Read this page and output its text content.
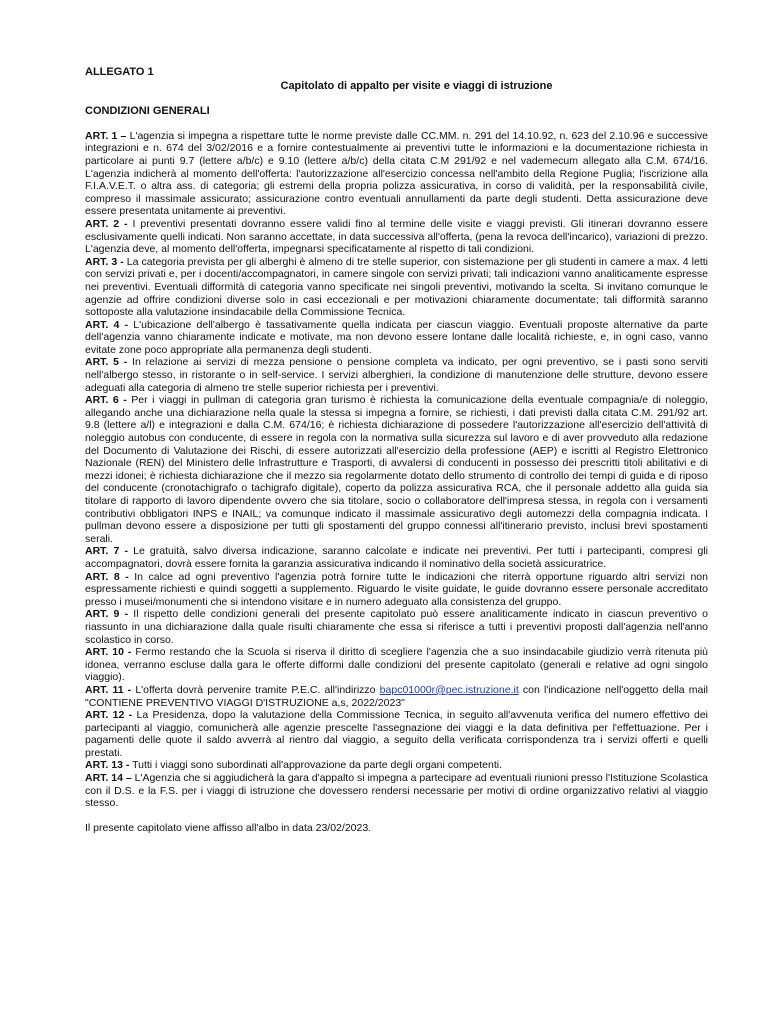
ALLEGATO 1

Capitolato di appalto per visite e viaggi di istruzione

CONDIZIONI GENERALI

ART. 1 – L'agenzia si impegna a rispettare tutte le norme previste dalle CC.MM. n. 291 del 14.10.92, n. 623 del 2.10.96 e successive integrazioni e n. 674 del 3/02/2016 e a fornire contestualmente ai preventivi tutte le informazioni e la documentazione richiesta in particolare ai punti 9.7 (lettere a/b/c) e 9.10 (lettere a/b/c) della citata C.M 291/92 e nel vademecum allegato alla C.M. 674/16. L'agenzia indicherà al momento dell'offerta: l'autorizzazione all'esercizio concessa nell'ambito della Regione Puglia; l'iscrizione alla F.I.A.V.E.T. o altra ass. di categoria; gli estremi della propria polizza assicurativa, in corso di validità, per la responsabilità civile, compreso il massimale assicurato; assicurazione contro eventuali annullamenti da parte degli studenti. Detta assicurazione deve essere presentata unitamente ai preventivi.

ART. 2 - I preventivi presentati dovranno essere validi fino al termine delle visite e viaggi previsti. Gli itinerari dovranno essere esclusivamente quelli indicati. Non saranno accettate, in data successiva all'offerta, (pena la revoca dell'incarico), variazioni di prezzo. L'agenzia deve, al momento dell'offerta, impegnarsi specificatamente al rispetto di tali condizioni.

ART. 3 - La categoria prevista per gli alberghi è almeno di tre stelle superior, con sistemazione per gli studenti in camere a max. 4 letti con servizi privati e, per i docenti/accompagnatori, in camere singole con servizi privati; tali indicazioni vanno analiticamente espresse nei preventivi. Eventuali difformità di categoria vanno specificate nei singoli preventivi, motivando la scelta. Si invitano comunque le agenzie ad offrire condizioni diverse solo in casi eccezionali e per motivazioni chiaramente documentate; tali difformità saranno sottoposte alla valutazione insindacabile della Commissione Tecnica.

ART. 4 - L'ubicazione dell'albergo è tassativamente quella indicata per ciascun viaggio. Eventuali proposte alternative da parte dell'agenzia vanno chiaramente indicate e motivate, ma non devono essere lontane dalle località richieste, e, in ogni caso, vanno evitate zone poco appropriate alla permanenza degli studenti.

ART. 5 - In relazione ai servizi di mezza pensione o pensione completa va indicato, per ogni preventivo, se i pasti sono serviti nell'albergo stesso, in ristorante o in self-service. I servizi alberghieri, la condizione di manutenzione delle strutture, devono essere adeguati alla categoria di almeno tre stelle superior richiesta per i preventivi.

ART. 6 - Per i viaggi in pullman di categoria gran turismo è richiesta la comunicazione della eventuale compagnia/e di noleggio, allegando anche una dichiarazione nella quale la stessa si impegna a fornire, se richiesti, i dati previsti dalla citata C.M. 291/92 art. 9.8 (lettere a/l) e integrazioni e dalla C.M. 674/16; è richiesta dichiarazione di possedere l'autorizzazione all'esercizio dell'attività di noleggio autobus con conducente, di essere in regola con la normativa sulla sicurezza sul lavoro e di aver provveduto alla redazione del Documento di Valutazione dei Rischi, di essere autorizzati all'esercizio della professione (AEP) e iscritti al Registro Elettronico Nazionale (REN) del Ministero delle Infrastrutture e Trasporti, di avvalersi di conducenti in possesso dei prescritti titoli abilitativi e di mezzi idonei; è richiesta dichiarazione che il mezzo sia regolarmente dotato dello strumento di controllo dei tempi di guida e di riposo del conducente (cronotachigrafo o tachigrafo digitale), coperto da polizza assicurativa RCA, che il personale addetto alla guida sia titolare di rapporto di lavoro dipendente ovvero che sia titolare, socio o collaboratore dell'impresa stessa, in regola con i versamenti contributivi obbligatori INPS e INAIL; va comunque indicato il massimale assicurativo degli automezzi della compagnia indicata. I pullman devono essere a disposizione per tutti gli spostamenti del gruppo connessi all'itinerario previsto, inclusi brevi spostamenti serali.

ART. 7 - Le gratuità, salvo diversa indicazione, saranno calcolate e indicate nei preventivi. Per tutti i partecipanti, compresi gli accompagnatori, dovrà essere fornita la garanzia assicurativa indicando il nominativo della società assicuratrice.

ART. 8 - In calce ad ogni preventivo l'agenzia potrà fornire tutte le indicazioni che riterrà opportune riguardo altri servizi non espressamente richiesti e quindi soggetti a supplemento. Riguardo le visite guidate, le guide dovranno essere personale accreditato presso i musei/monumenti che si intendono visitare e in numero adeguato alla consistenza del gruppo.

ART. 9 - Il rispetto delle condizioni generali del presente capitolato può essere analiticamente indicato in ciascun preventivo o riassunto in una dichiarazione dalla quale risulti chiaramente che essa si riferisce a tutti i preventivi proposti dall'agenzia nell'anno scolastico in corso.

ART. 10 - Fermo restando che la Scuola si riserva il diritto di scegliere l'agenzia che a suo insindacabile giudizio verrà ritenuta più idonea, verranno escluse dalla gara le offerte difformi dalle condizioni del presente capitolato (generali e relative ad ogni singolo viaggio).

ART. 11 - L'offerta dovrà pervenire tramite P.E.C. all'indirizzo bapc01000r@pec.istruzione.it con l'indicazione nell'oggetto della mail "CONTIENE PREVENTIVO VIAGGI D'ISTRUZIONE a,s, 2022/2023"

ART. 12 - La Presidenza, dopo la valutazione della Commissione Tecnica, in seguito all'avvenuta verifica del numero effettivo dei partecipanti al viaggio, comunicherà alle agenzie prescelte l'assegnazione dei viaggi e la data definitiva per l'effettuazione. Per i pagamenti delle quote il saldo avverrà al rientro dal viaggio, a seguito della verificata corrispondenza tra i servizi offerti e quelli prestati.

ART. 13 - Tutti i viaggi sono subordinati all'approvazione da parte degli organi competenti.

ART. 14 – L'Agenzia che si aggiudicherà la gara d'appalto si impegna a partecipare ad eventuali riunioni presso l'Istituzione Scolastica con il D.S. e la F.S. per i viaggi di istruzione che dovessero rendersi necessarie per motivi di ordine organizzativo relativi al viaggio stesso.

Il presente capitolato viene affisso all'albo in data 23/02/2023.
